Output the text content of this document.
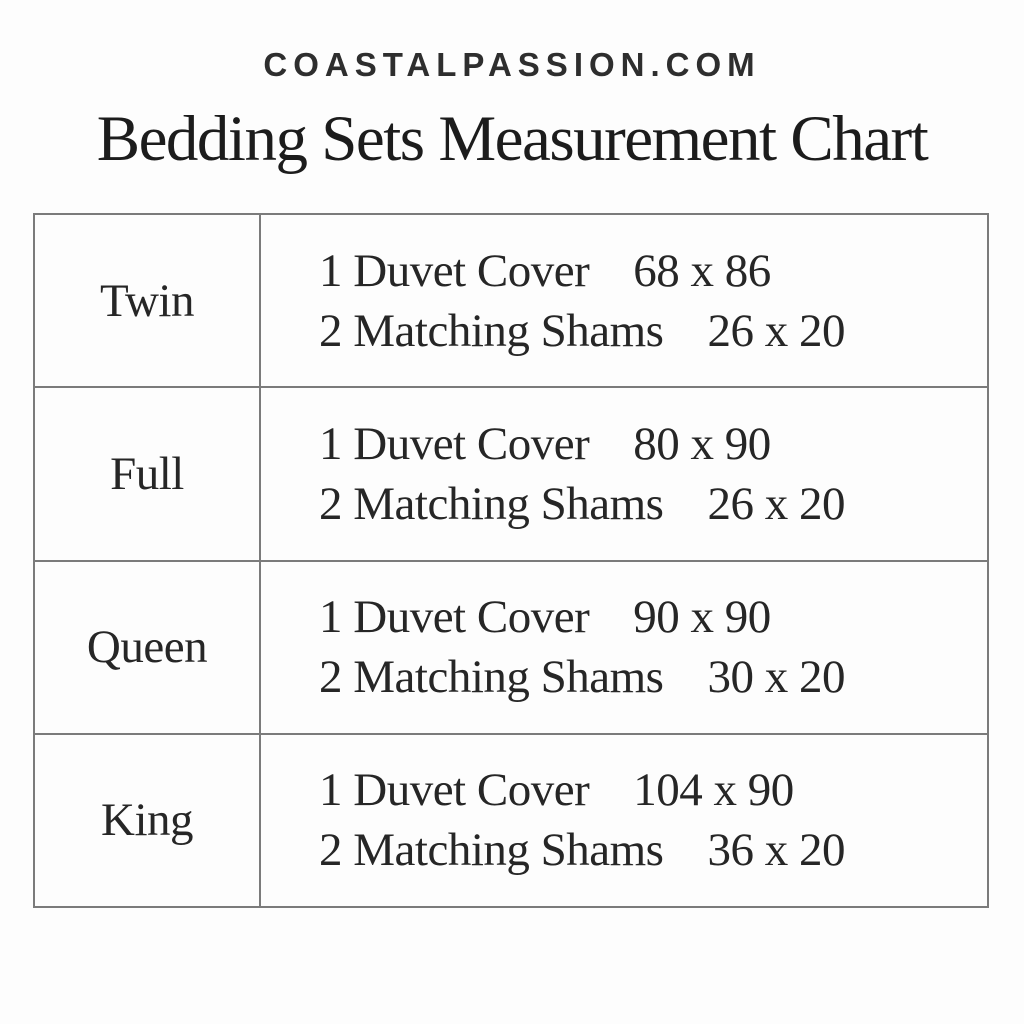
COASTALPASSION.COM
Bedding Sets Measurement Chart
Twin	1 Duvet Cover 68 x 86
2 Matching Shams 26 x 20

Full	1 Duvet Cover 80 x 90
2 Matching Shams 26 x 20

Queen	1 Duvet Cover 90 x 90
2 Matching Shams 30 x 20

King	1 Duvet Cover 104 x 90
2 Matching Shams 36 x 20
